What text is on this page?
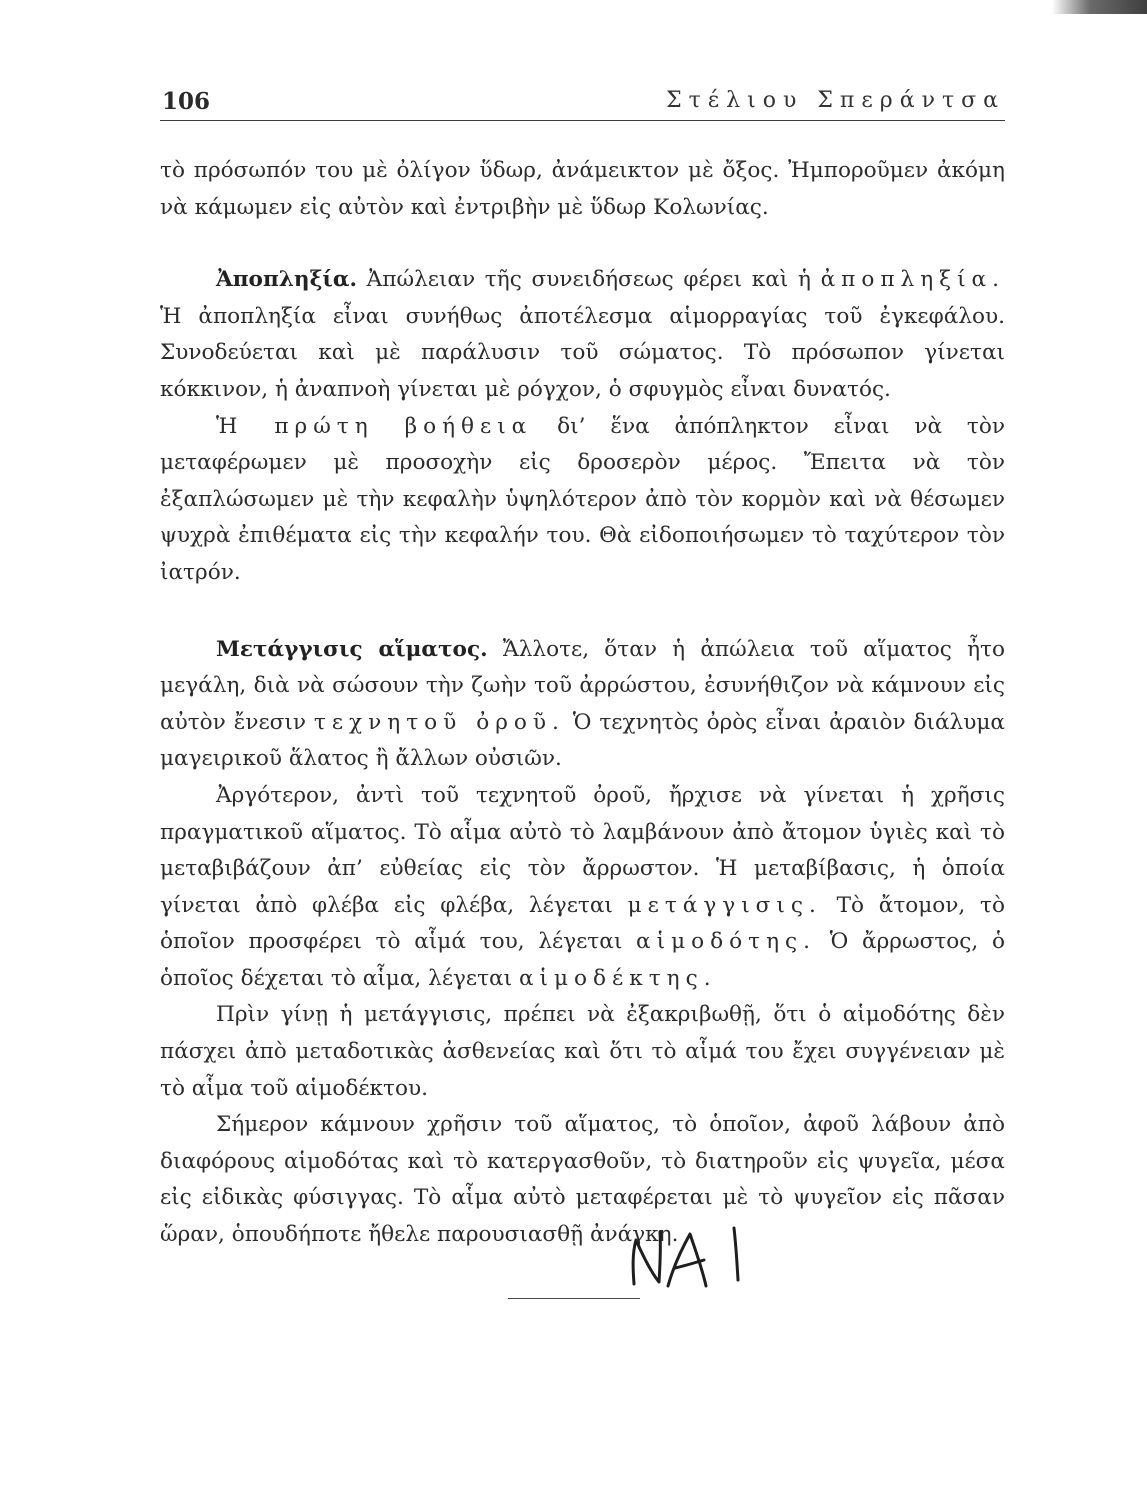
106	Στέλιου Σπεράντσα

τὸ πρόσωπόν του μὲ ὀλίγον ὕδωρ, ἀνάμεικτον μὲ ὄξος. Ἠμποροῦμεν ἀκόμη νὰ κάμωμεν εἰς αὐτὸν καὶ ἐντριβὴν μὲ ὕδωρ Κολωνίας.

Ἀποπληξία. Ἀπώλειαν τῆς συνειδήσεως φέρει καὶ ἡ ἀποπληξία. Ἡ ἀποπληξία εἶναι συνήθως ἀποτέλεσμα αἱμορραγίας τοῦ ἐγκεφάλου. Συνοδεύεται καὶ μὲ παράλυσιν τοῦ σώματος. Τὸ πρόσωπον γίνεται κόκκινον, ἡ ἀναπνοὴ γίνεται μὲ ρόγχον, ὁ σφυγμὸς εἶναι δυνατός.

Ἡ πρώτη βοήθεια δι’ ἕνα ἀπόπληκτον εἶναι νὰ τὸν μεταφέρωμεν μὲ προσοχὴν εἰς δροσερὸν μέρος. Ἔπειτα νὰ τὸν ἐξαπλώσωμεν μὲ τὴν κεφαλὴν ὑψηλότερον ἀπὸ τὸν κορμὸν καὶ νὰ θέσωμεν ψυχρὰ ἐπιθέματα εἰς τὴν κεφαλήν του. Θὰ εἰδοποιήσωμεν τὸ ταχύτερον τὸν ἰατρόν.

Μετάγγισις αἵματος. Ἄλλοτε, ὅταν ἡ ἀπώλεια τοῦ αἵματος ἦτο μεγάλη, διὰ νὰ σώσουν τὴν ζωὴν τοῦ ἀρρώστου, ἐσυνήθιζον νὰ κάμνουν εἰς αὐτὸν ἔνεσιν τεχνητοῦ ὀροῦ. Ὁ τεχνητὸς ὀρὸς εἶναι ἀραιὸν διάλυμα μαγειρικοῦ ἅλατος ἢ ἄλλων οὐσιῶν.

Ἀργότερον, ἀντὶ τοῦ τεχνητοῦ ὀροῦ, ἤρχισε νὰ γίνεται ἡ χρῆσις πραγματικοῦ αἵματος. Τὸ αἷμα αὐτὸ τὸ λαμβάνουν ἀπὸ ἄτομον ὑγιὲς καὶ τὸ μεταβιβάζουν ἀπ’ εὐθείας εἰς τὸν ἄρρωστον. Ἡ μεταβίβασις, ἡ ὁποία γίνεται ἀπὸ φλέβα εἰς φλέβα, λέγεται μετάγγισις. Τὸ ἄτομον, τὸ ὁποῖον προσφέρει τὸ αἷμά του, λέγεται αἱμοδότης. Ὁ ἄρρωστος, ὁ ὁποῖος δέχεται τὸ αἷμα, λέγεται αἱμοδέκτης.

Πρὶν γίνῃ ἡ μετάγγισις, πρέπει νὰ ἐξακριβωθῇ, ὅτι ὁ αἱμοδότης δὲν πάσχει ἀπὸ μεταδοτικὰς ἀσθενείας καὶ ὅτι τὸ αἷμά του ἔχει συγγένειαν μὲ τὸ αἷμα τοῦ αἱμοδέκτου.

Σήμερον κάμνουν χρῆσιν τοῦ αἵματος, τὸ ὁποῖον, ἀφοῦ λάβουν ἀπὸ διαφόρους αἱμοδότας καὶ τὸ κατεργασθοῦν, τὸ διατηροῦν εἰς ψυγεῖα, μέσα εἰς εἰδικὰς φύσιγγας. Τὸ αἷμα αὐτὸ μεταφέρεται μὲ τὸ ψυγεῖον εἰς πᾶσαν ὥραν, ὁπουδήποτε ἤθελε παρουσιασθῇ ἀνάγκη.
